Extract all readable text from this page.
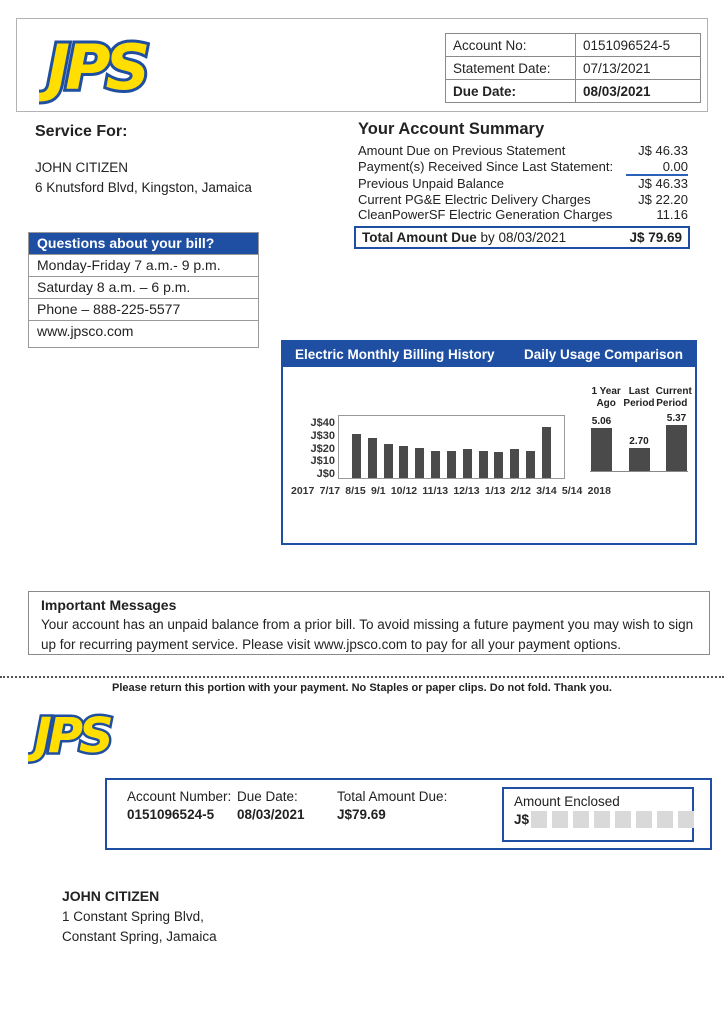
JPS	Account No:	0151096524-5
Statement Date:	07/13/2021
Due Date:	08/03/2021
Service For:
JOHN CITIZEN
6 Knutsford Blvd, Kingston, Jamaica
Your Account Summary
Amount Due on Previous Statement	J$ 46.33
Payment(s) Received Since Last Statement:	0.00
Previous Unpaid Balance	J$ 46.33
Current PG&E Electric Delivery Charges	J$ 22.20
CleanPowerSF Electric Generation Charges	11.16
Total Amount Due by 08/03/2021	J$ 79.69
Questions about your bill?
Monday-Friday 7 a.m.- 9 p.m.
Saturday 8 a.m. – 6 p.m.
Phone – 888-225-5577
www.jpsco.com
Electric Monthly Billing History Daily Usage Comparison
J$40
J$30
J$20
J$10
J$0
2017 7/17 8/15 9/1 10/12 11/13 12/13 1/13 2/12 3/14 5/14 2018
1 Year
Ago
Last
Period
Current
Period
5.06
2.70
5.37
Important Messages
Your account has an unpaid balance from a prior bill. To avoid missing a future payment you may wish to sign up for recurring payment service. Please visit www.jpsco.com to pay for all your payment options.
Please return this portion with your payment. No Staples or paper clips. Do not fold. Thank you.
JPS
Account Number:
0151096524-5
Due Date:
08/03/2021
Total Amount Due:
J$79.69
Amount Enclosed
J$
JOHN CITIZEN
1 Constant Spring Blvd,
Constant Spring, Jamaica
